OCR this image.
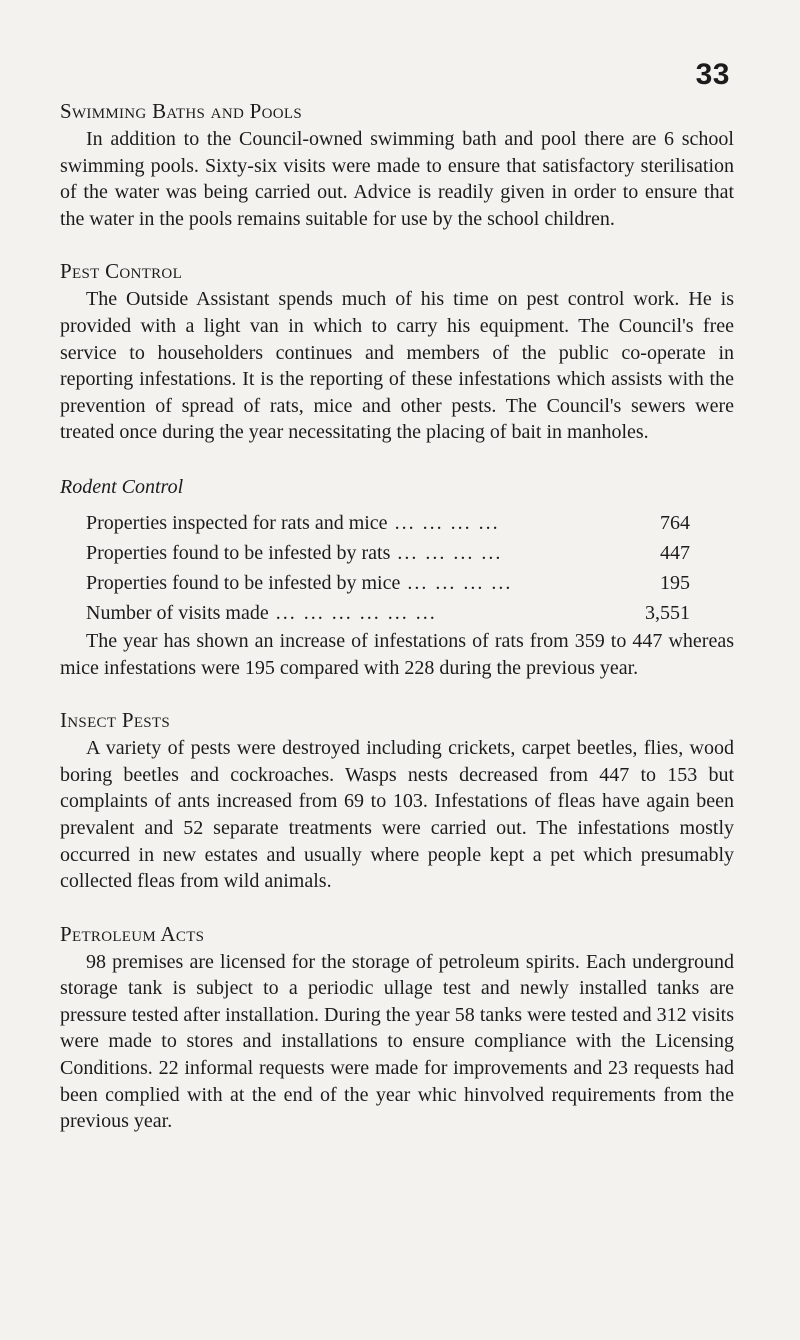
33
Swimming Baths and Pools

In addition to the Council-owned swimming bath and pool there are 6 school swimming pools. Sixty-six visits were made to ensure that satisfactory sterilisation of the water was being carried out. Advice is readily given in order to ensure that the water in the pools remains suitable for use by the school children.

Pest Control

The Outside Assistant spends much of his time on pest control work. He is provided with a light van in which to carry his equipment. The Council's free service to householders continues and members of the public co-operate in reporting infestations. It is the reporting of these infestations which assists with the prevention of spread of rats, mice and other pests. The Council's sewers were treated once during the year necessitating the placing of bait in manholes.

Rodent Control
Properties inspected for rats and mice ... ... ... ...	764
Properties found to be infested by rats ... ... ... ...	447
Properties found to be infested by mice ... ... ... ...	195
Number of visits made ... ... ... ... ... ...	3,551

The year has shown an increase of infestations of rats from 359 to 447 whereas mice infestations were 195 compared with 228 during the previous year.

Insect Pests

A variety of pests were destroyed including crickets, carpet beetles, flies, wood boring beetles and cockroaches. Wasps nests decreased from 447 to 153 but complaints of ants increased from 69 to 103. Infestations of fleas have again been prevalent and 52 separate treatments were carried out. The infestations mostly occurred in new estates and usually where people kept a pet which presumably collected fleas from wild animals.

Petroleum Acts

98 premises are licensed for the storage of petroleum spirits. Each underground storage tank is subject to a periodic ullage test and newly installed tanks are pressure tested after installation. During the year 58 tanks were tested and 312 visits were made to stores and installations to ensure compliance with the Licensing Conditions. 22 informal requests were made for improvements and 23 requests had been complied with at the end of the year whic hinvolved requirements from the previous year.
